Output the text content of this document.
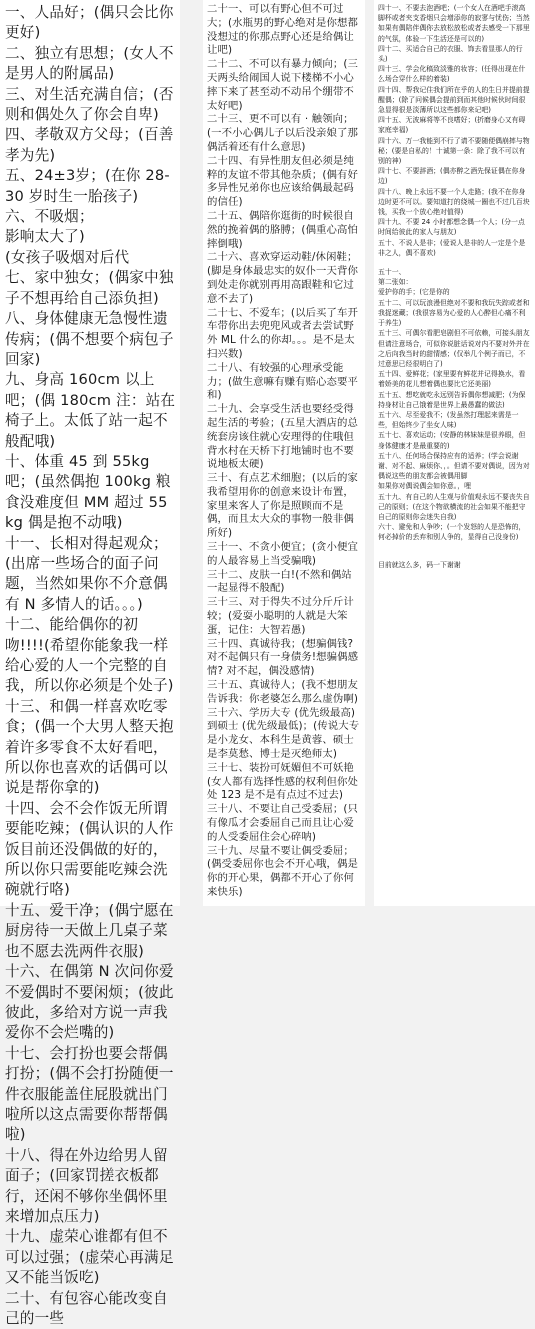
一、人品好；(偶只会比你更好)

二、独立有思想；(女人不是男人的附属品)

三、对生活充满自信；(否则和偶处久了你会自卑)

四、孝敬双方父母；(百善孝为先)

五、24±3岁；(在你 28-30 岁时生一胎孩子)

六、不吸烟；

影响太大了)

(女孩子吸烟对后代

七、家中独女；(偶家中独子不想再给自己添负担)

八、身体健康无急慢性遗传病；(偶不想要个病包子回家)

九、身高 160cm 以上吧；(偶 180cm 注：站在椅子上。太低了站一起不般配哦)

十、体重 45 到 55kg 吧；(虽然偶抱 100kg 粮食没难度但 MM 超过 55kg 偶是抱不动哦)

十一、长相对得起观众；(出席一些场合的面子问题，当然如果你不介意偶有 N 多情人的话。。。)

十二、能给偶你的初吻!!!!(希望你能象我一样给心爱的人一个完整的自我，所以你必须是个处子)

十三、和偶一样喜欢吃零食；(偶一个大男人整天抱着许多零食不太好看吧，所以你也喜欢的话偶可以说是帮你拿的)

十四、会不会作饭无所谓要能吃辣；(偶认识的人作饭目前还没偶做的好的，所以你只需要能吃辣会洗碗就行咯)

十五、爱干净；(偶宁愿在厨房待一天做上几桌子菜也不愿去洗两件衣服)

十六、在偶第 N 次问你爱不爱偶时不要闲烦；(彼此彼此，多给对方说一声我爱你不会烂嘴的)

十七、会打扮也要会帮偶打扮；(偶不会打扮随便一件衣服能盖住屁股就出门啦所以这点需要你帮帮偶啦)

十八、得在外边给男人留面子；(回家罚搓衣板都行，还闲不够你坐偶怀里来增加点压力)

十九、虚荣心谁都有但不可以过强；(虚荣心再满足又不能当饭吃)

二十、有包容心能改变自己的一些

二十一、可以有野心但不可过大；(水瓶男的野心绝对是你想都没想过的你那点野心还是给偶让让吧)

二十二、不可以有暴力倾向；(三天两头给闹国人说下楼梯不小心摔下来了甚至动不动吊个绷带不太好吧)

二十三、更不可以有 · 触领向；(一不小心偶儿子以后没亲娘了那偶活着还有什么意思)

二十四、有异性朋友但必须是纯粹的友谊不带其他杂质；(偶有好多异性兄弟你也应该给偶最起码的信任)

二十五、偶陪你逛街的时候很自然的挽着偶的胳膊；(偶重心高怕摔倒哦)

二十六、喜欢穿运动鞋/休闲鞋；(脚是身体最忠实的奴仆一天背你到处走你就别再用高跟鞋和它过意不去了)

二十七、不爱车；(以后买了车开车带你出去兜兜风或者去尝试野外 ML 什么的你却。。。是不是太扫兴数)

二十八、有较强的心理承受能力；(做生意嘛有赚有赔心态要平和)

二十九、会享受生活也要经受得起生活的考验；(五星大酒店的总统套房该住就心安理得的住哦但背水村在天桥下打地铺时也不要说地板太硬)

三十、有点艺术细胞；(以后的家我希望用你的创意来设计布置，家里来客人了你是照顾而不是偶，而且太大众的事物一般非偶所好)

三十一、不贪小便宜；(贪小便宜的人最容易上当受骗哦)

三十二、皮肤一白!(不然和偶站一起显得不般配)

三十三、对于得失不过分斤斤计较；(爱耍小聪明的人就是大笨蛋，记住：大智若愚)

三十四、真诚待我；(想骗偶钱?对不起偶只有一身债务!想骗偶感情? 对不起，偶没感情)

三十五、真诚待人；(我不想朋友告诉我：你老婆怎么那么虚伪啊)

三十六、学历大专 (优先级最高)到硕士 (优先级最低)；(传说大专是小龙女、本科生是黄蓉、硕士是李莫愁、博士是灭绝师太)

三十七、装扮可妩媚但不可妖艳

(女人都有选择性感的权利但你处处 123 是不是有点过不过去)

三十八、不要让自己受委屈；(只有像瓜才会委屈自己而且让心爱的人受委屈住会心碎呐)

三十九、尽量不要让偶受委屈；(偶受委屈你也会不开心哦，偶是你的开心果，偶都不开心了你何来快乐)

四十一、不要去泡酒吧；(一个女人在酒吧手滚高脚杯或者夹支香烟只会增添你的寂寥与忧伤；当然如果有偶陪伴偶你去放松放松或者去感受一下那里的气氛，体验一下生活还是可以的)

四十二、买适合自己的衣服、饰去看显那人的行头)

四十三、学会化稿致淡雅的妆容；(任得出现在什么场合穿什么样的着装)

四十四、帮我记住我们所在乎的人的生日并提前提醒偶；(除了问候偶会提前到而其他时候伙时间很急显得很是淡薄所以这些都你来记吧)

四十五、无波麻将等不良嗜好；(折磨身心又有碍家庭幸福)

四十六、万一我能到不行了请不要随便偶崩摔与物秘；(要是自私的！十诚第一条：除了我不可以有别的神)

四十七、不要辞酒；(偶亦醉之酒先保证偶在你身边)

四十八、晚上永远不要一个人走路；(我不在你身边时更不可以。要知道打的绕城一圈也不过几百块钱，买我一个放心绝对值得)

四十九、不要 24 小时都想念偶一个人；(分一点时间给彼此的家人与朋友)

五十、不说人是非；(爱说人是非的人一定是个是非之人，偶不喜欢)

五十一、

第二张如：

爱护你的手；(它是你的

五十二、可以玩浪漫但绝对不要和我玩失踪或者和我捉迷藏；(我很容易为心爱的人心醉但心痛不利于养生)

五十三、可偶尔看肥皂剧但不可依赖，可接头朋友但请注意场合，可似你说脏话说对内不要对外并在之后向我当时的甜情感；(仅举几个例子而已，不过意思已经很明白了)

五十四、爱鲜花；(家里要有鲜花并记得换水，看着娇美的花儿想着偶也要比它还美丽)

五十五、想吃就吃永远别告诉偶你想减肥；(为保持身材让自己饿着是世界上最愚蠢的做法)

五十六、尽至爱我不；(发虽然打理起来需是一些，但始终少了坐女人味)

五十七、喜欢运动；(安静的林妹妹是很养眼，但身体健康才是最重要的)

五十八、任何场合保持应有的适养；(学会说谢谢、对不起、麻烦你、，。但请不要对偶说，因为对偶说这些的朋友都会被偶用脚

如果你对偶说偶会如你意。，哩

五十九、有自己的人生观与价值观永远不要丧失自己的原则；(在这个物欲横流的社会如果不能把守自己的原则你会迷失自我)

六十、避免和人争吵；(一个发怒的人是恐怖的，何必掉价的丢弃和别人争的，显得自己没身份)

目前就这么多，码一下谢谢
